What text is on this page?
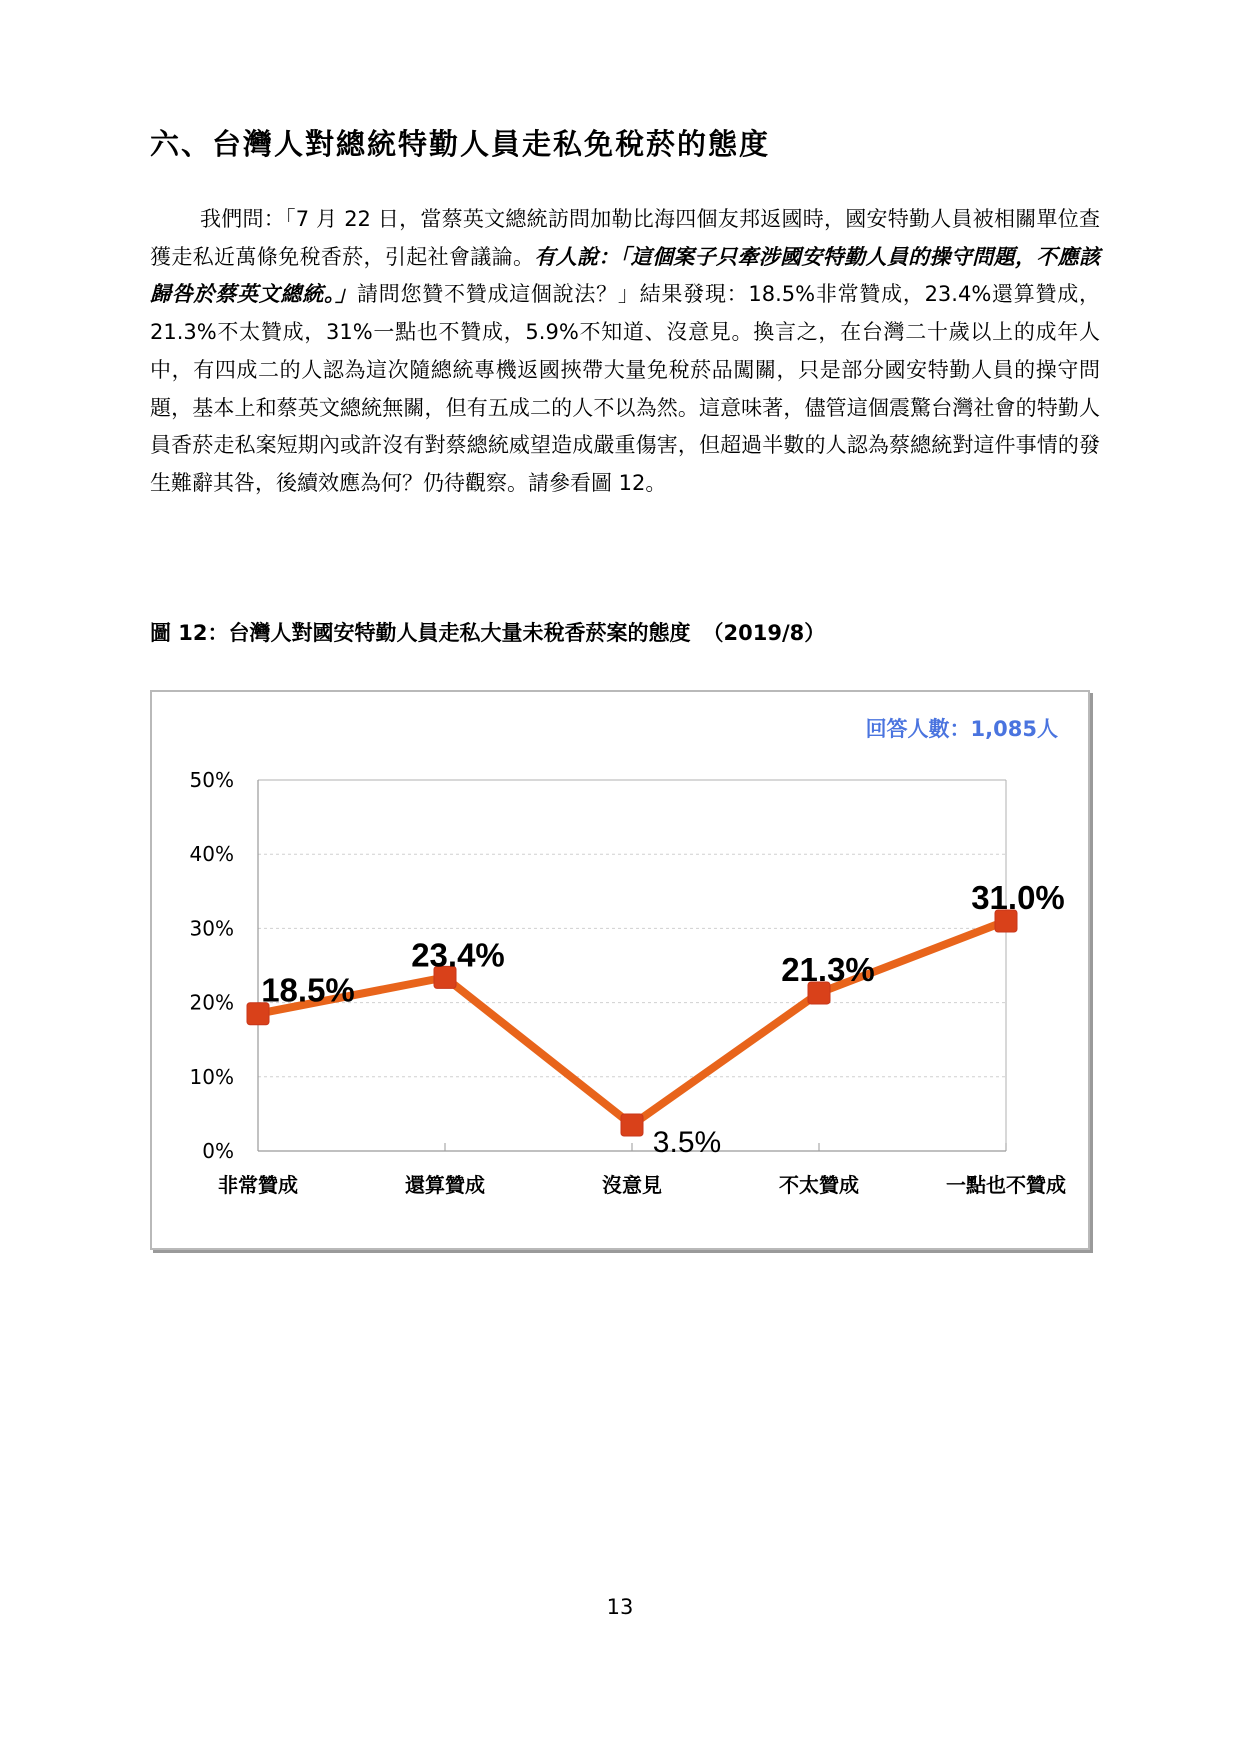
六、台灣人對總統特勤人員走私免稅菸的態度

我們問：「7 月 22 日，當蔡英文總統訪問加勒比海四個友邦返國時，國安特勤人員被相關單位查獲走私近萬條免稅香菸，引起社會議論。有人說：「這個案子只牽涉國安特勤人員的操守問題，不應該歸咎於蔡英文總統。」請問您贊不贊成這個說法？」結果發現：18.5%非常贊成，23.4%還算贊成，21.3%不太贊成，31%一點也不贊成，5.9%不知道、沒意見。換言之，在台灣二十歲以上的成年人中，有四成二的人認為這次隨總統專機返國挾帶大量免稅菸品闖關，只是部分國安特勤人員的操守問題，基本上和蔡英文總統無關，但有五成二的人不以為然。這意味著，儘管這個震驚台灣社會的特勤人員香菸走私案短期內或許沒有對蔡總統威望造成嚴重傷害，但超過半數的人認為蔡總統對這件事情的發生難辭其咎，後續效應為何？仍待觀察。請參看圖 12。

圖 12：台灣人對國安特勤人員走私大量未稅香菸案的態度 （2019/8）

0%
10%
20%
30%
40%
50%
非常贊成	還算贊成	沒意見	不太贊成	一點也不贊成
18.5%
23.4%
3.5%
21.3%
31.0%
回答人數：1,085人
13
